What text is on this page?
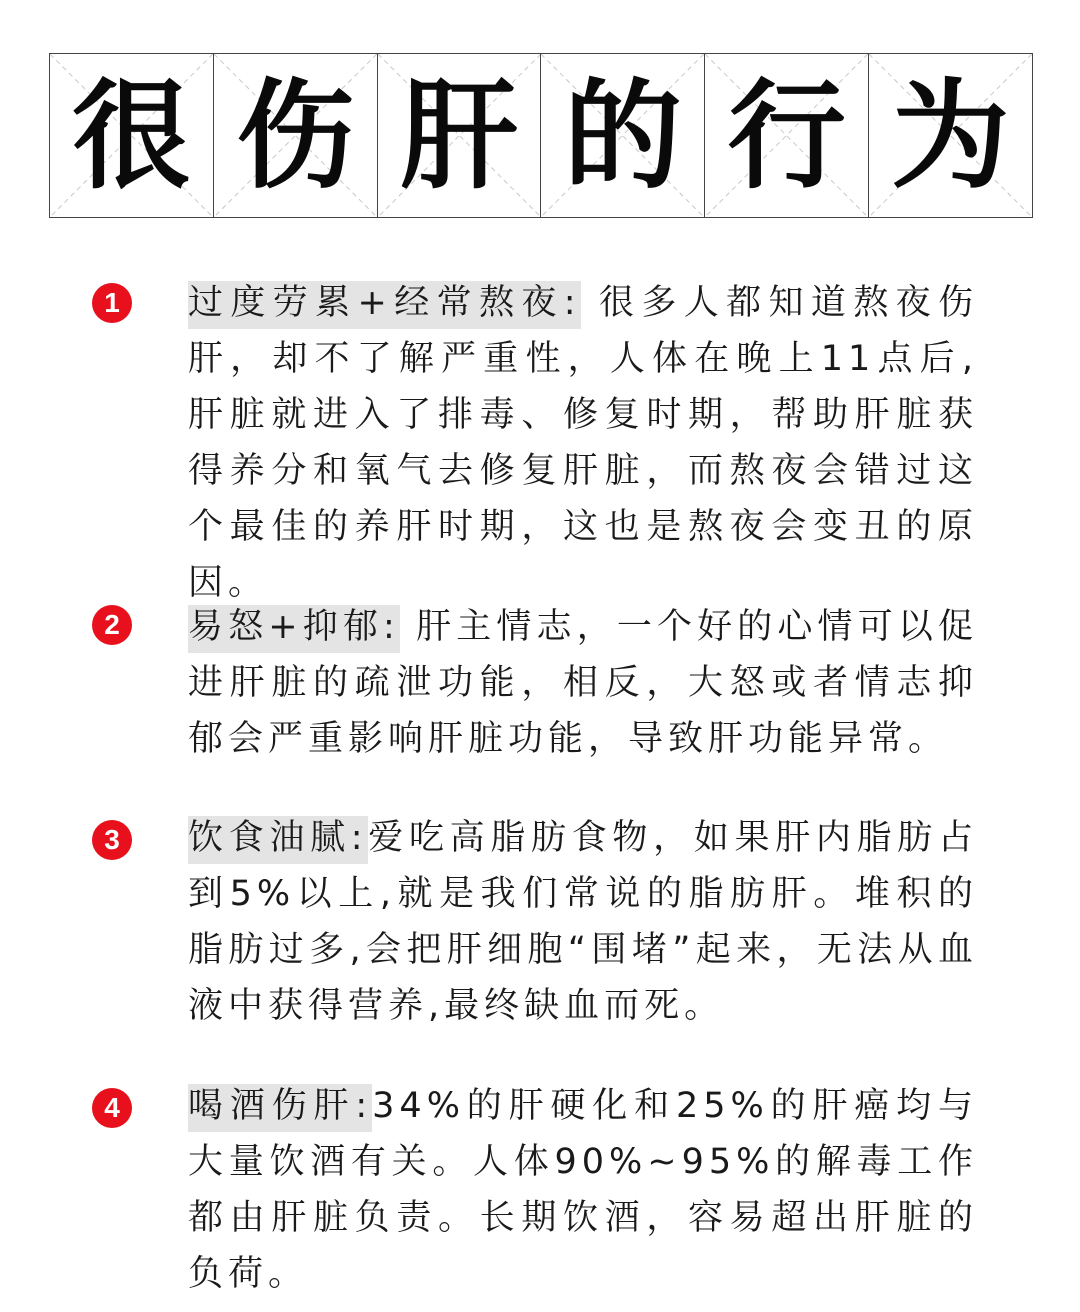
很 伤 肝 的 行 为
1	过度劳累+经常熬夜: 很多人都知道熬夜伤肝，却不了解严重性，人体在晚上11点后,肝脏就进入了排毒、修复时期，帮助肝脏获得养分和氧气去修复肝脏，而熬夜会错过这个最佳的养肝时期，这也是熬夜会变丑的原因。
2	易怒+抑郁: 肝主情志，一个好的心情可以促进肝脏的疏泄功能，相反，大怒或者情志抑郁会严重影响肝脏功能，导致肝功能异常。
3	饮食油腻:爱吃高脂肪食物，如果肝内脂肪占到5%以上,就是我们常说的脂肪肝。堆积的脂肪过多,会把肝细胞“围堵”起来，无法从血液中获得营养,最终缺血而死。
4	喝酒伤肝:34%的肝硬化和25%的肝癌均与大量饮酒有关。人体90%~95%的解毒工作都由肝脏负责。长期饮酒，容易超出肝脏的负荷。
